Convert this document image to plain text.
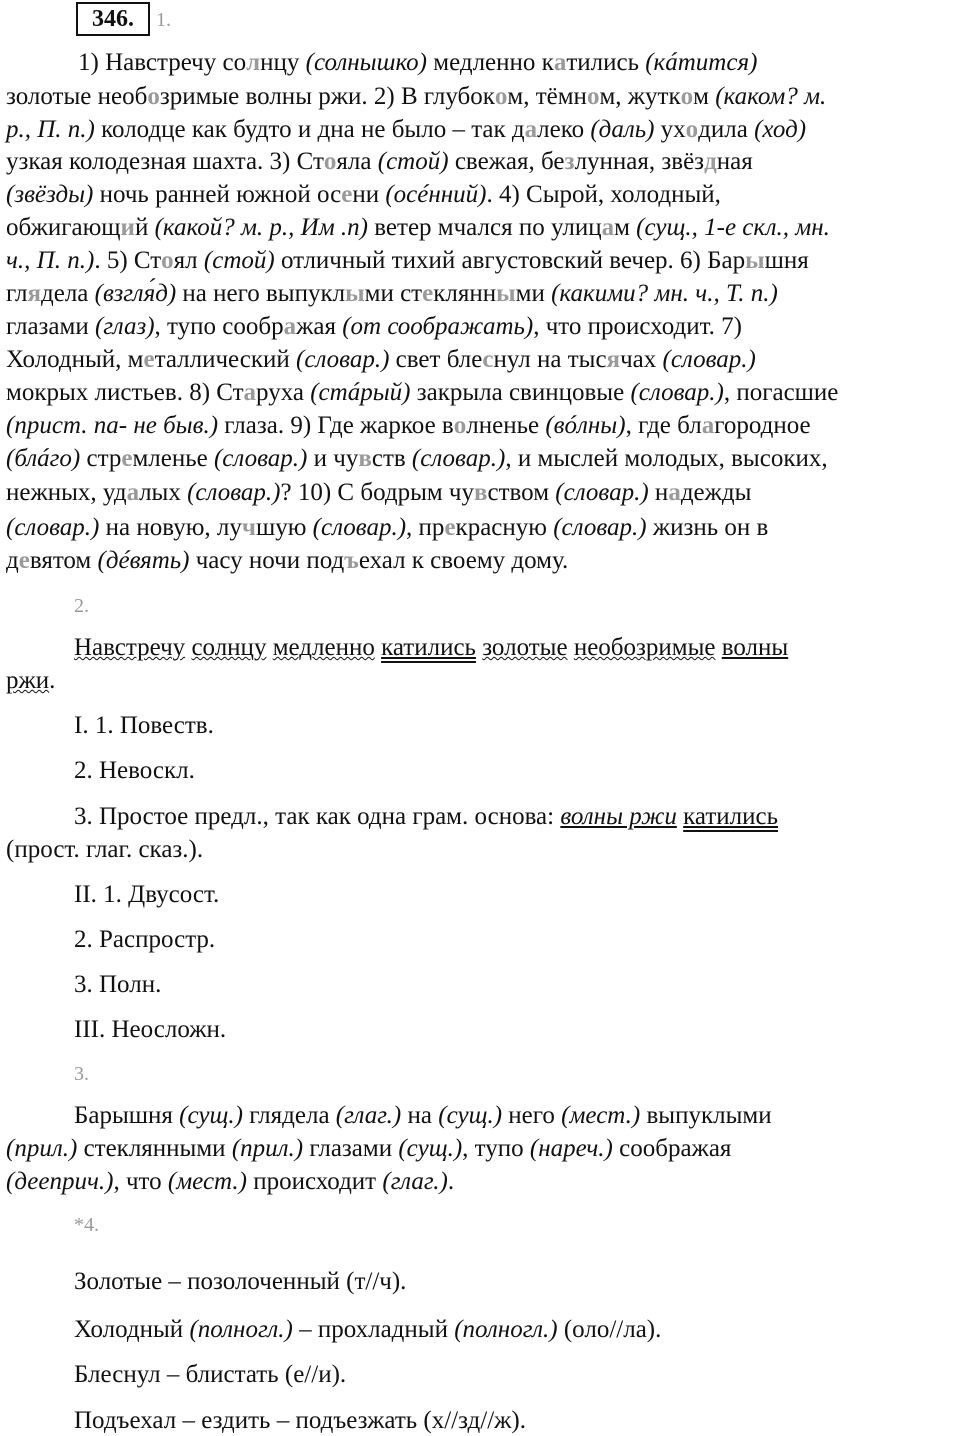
346.	1.
1) Навстречу солнцу (солнышко) медленно катились (кáтится)
золотые необозримые волны ржи. 2) В глубоком, тёмном, жутком (каком? м.
р., П. п.) колодце как будто и дна не было – так далеко (даль) уходила (ход)
узкая колодезная шахта. 3) Стояла (стой) свежая, безлунная, звёздная
(звёзды) ночь ранней южной осени (осéнний). 4) Сырой, холодный,
обжигающий (какой? м. р., Им .п) ветер мчался по улицам (сущ., 1-е скл., мн.
ч., П. п.). 5) Стоял (стой) отличный тихий августовский вечер. 6) Барышня
глядела (взгля́д) на него выпуклыми стеклянными (какими? мн. ч., Т. п.)
глазами (глаз), тупо соображая (от соображать), что происходит. 7)
Холодный, металлический (словар.) свет блеснул на тысячах (словар.)
мокрых листьев. 8) Старуха (стáрый) закрыла свинцовые (словар.), погасшие
(прист. па- не быв.) глаза. 9) Где жаркое волненье (вóлны), где благородное
(блáго) стремленье (словар.) и чувств (словар.), и мыслей молодых, высоких,
нежных, удалых (словар.)? 10) С бодрым чувством (словар.) надежды
(словар.) на новую, лучшую (словар.), прекрасную (словар.) жизнь он в
девятом (дéвять) часу ночи подъехал к своему дому.
2.
Навстречу солнцу медленно катились золотые необозримые волны
ржи.
I. 1. Повеств.
2. Невоскл.
3. Простое предл., так как одна грам. основа: волны ржи катились
(прост. глаг. сказ.).
II. 1. Двусост.
2. Распростр.
3. Полн.
III. Неосложн.
3.
Барышня (сущ.) глядела (глаг.) на (сущ.) него (мест.) выпуклыми
(прил.) стеклянными (прил.) глазами (сущ.), тупо (нареч.) соображая
(дееприч.), что (мест.) происходит (глаг.).
*4.
Золотые – позолоченный (т//ч).
Холодный (полногл.) – прохладный (полногл.) (оло//ла).
Блеснул – блистать (е//и).
Подъехал – ездить – подъезжать (х//зд//ж).
